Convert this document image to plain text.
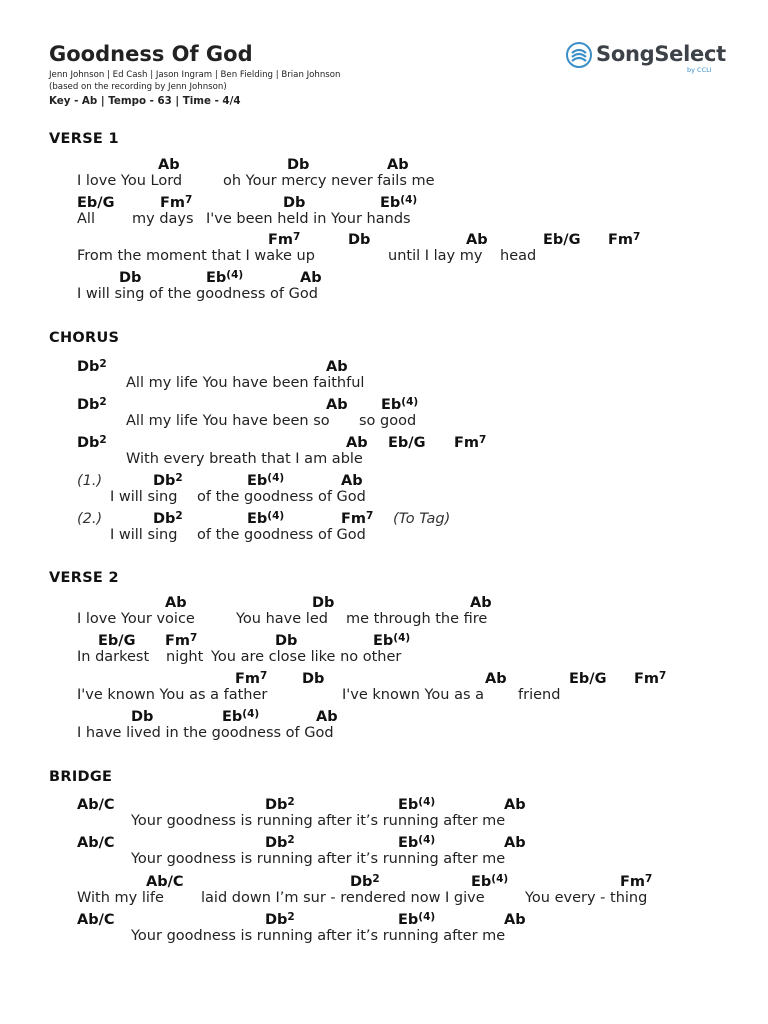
Goodness Of God
Jenn Johnson | Ed Cash | Jason Ingram | Ben Fielding | Brian Johnson
(based on the recording by Jenn Johnson)
Key - Ab | Tempo - 63 | Time - 4/4
SongSelect
by CCLI
VERSE 1
Ab	Db	Ab
I love You Lord	oh Your mercy never fails me
Eb/G	Fm$^7$	Db	Eb$^{(4)}$
All	my days I've been held in Your hands
Fm$^7$	Db	Ab	Eb/G Fm$^7$
From the moment that I wake up	until I lay my head
Db	Eb$^{(4)}$	Ab
I will sing of the goodness of God
CHORUS
Db$^2$	Ab
All my life You have been faithful
Db$^2$	Ab Eb$^{(4)}$
All my life You have been so so good
Db$^2$	Ab Eb/G Fm$^7$
With every breath that I am able
(1.)	Db$^2$	Eb$^{(4)}$	Ab
I will sing of the goodness of God
(2.)	Db$^2$	Eb$^{(4)}$	Fm$^7$ (To Tag)
I will sing of the goodness of God
VERSE 2
Ab	Db	Ab
I love Your voice	You have led me through the fire
Eb/G Fm$^7$	Db	Eb$^{(4)}$
In darkest night You are close like no other
Fm$^7$ Db	Ab	Eb/G Fm$^7$
I've known You as a father	I've known You as a friend
Db	Eb$^{(4)}$	Ab
I have lived in the goodness of God
BRIDGE
Ab/C	Db$^2$	Eb$^{(4)}$	Ab
Your goodness is running after it’s running after me
Ab/C	Db$^2$	Eb$^{(4)}$	Ab
Your goodness is running after it’s running after me
Ab/C	Db$^2$	Eb$^{(4)}$	Fm$^7$
With my life	laid down I’m sur - rendered now I give	You every - thing
Ab/C	Db$^2$	Eb$^{(4)}$	Ab
Your goodness is running after it’s running after me
